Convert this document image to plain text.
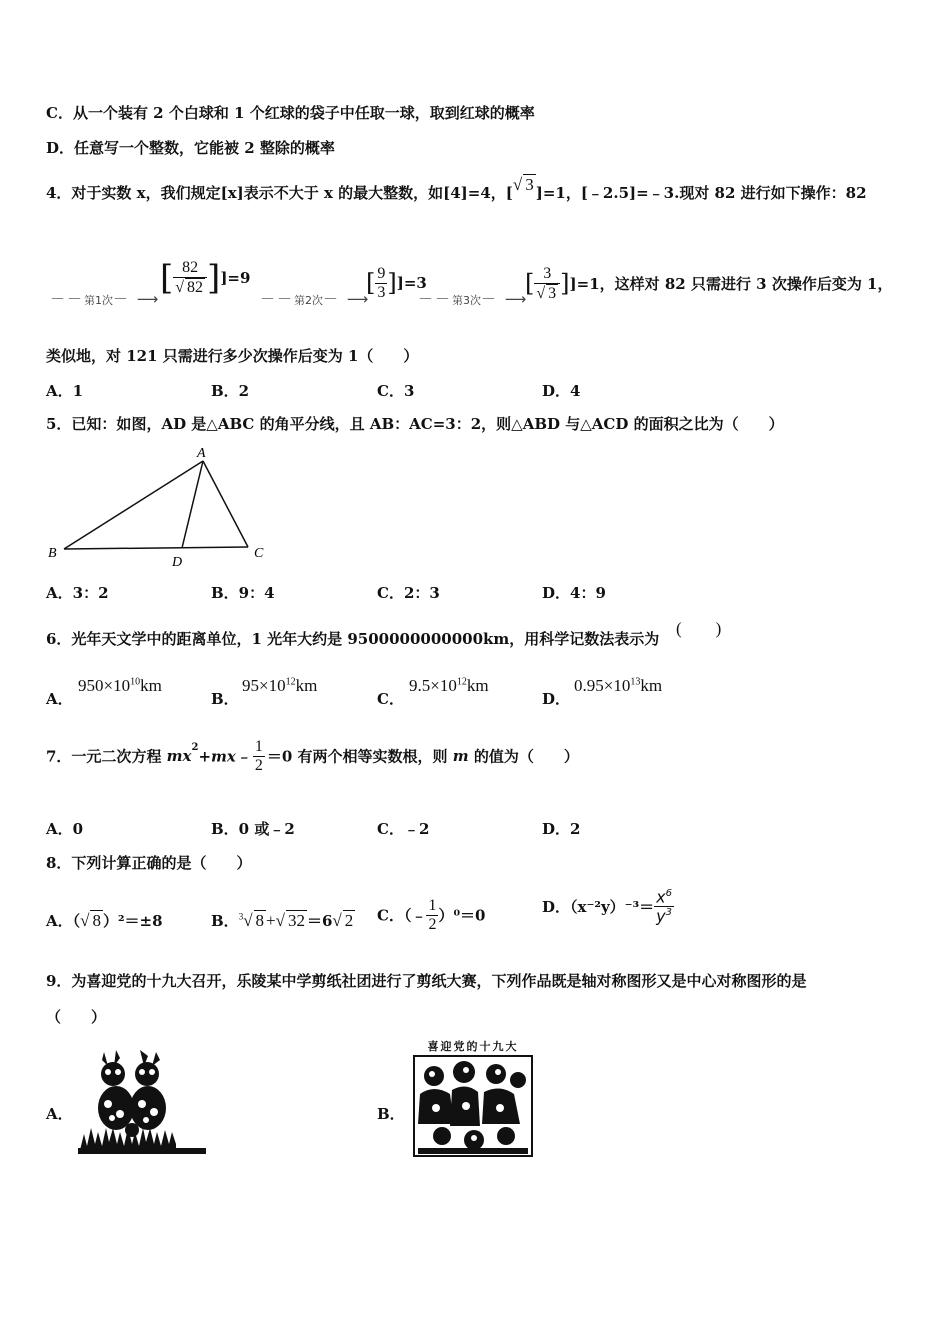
C．从一个装有 2 个白球和 1 个红球的袋子中任取一球，取到红球的概率
D．任意写一个整数，它能被 2 整除的概率
4．对于实数 x，我们规定[x]表示不大于 x 的最大整数，如[4]=4，[√ 3 ]=1，[﹣2.5]=﹣3.现对 82 进行如下操作：82
－－第1次－ ⟶
[ $\frac{82}{√ 82} ]]=9$
－－第2次－ ⟶
[ $\frac{9}{3} ]]=3$
－－第3次－ ⟶
[ $\frac{3}{√ 3} ]]=1$，这样对 82 只需进行 3 次操作后变为 1，
类似地，对 121 只需进行多少次操作后变为 1（　　）
A．1	B．2	C．3	D．4
5．已知：如图，AD 是△ABC 的角平分线，且 AB：AC=3：2，则△ABD 与△ACD 的面积之比为（　　）
A
B
D
C
A．3：2	B．9：4	C．2：3	D．4：9
6．光年天文学中的距离单位，1 光年大约是 9500000000000km，用科学记数法表示为
(　　)
A．
$950\times 10^{10}km$
B．
$95\times 10^{12}km$
C．
$9.5\times 10^{12}km$
D．
$0.95\times 10^{13}km$
7．一元二次方程 $mx^2+mx﹣ \frac{1}{2} =0$ 有两个相等实数根，则 m 的值为（　　）
A．0	B．0 或﹣2	C．﹣2	D．2
8．下列计算正确的是（　　）
A．（√ 8 ）²＝±8	B．$^3$√ 8 +√ 32 ＝6√ 2 C．（﹣ $\frac{1}{2} )^0=0$	D．$(x^{-2}y)^{-3}= \frac{x^6}{y^3}$
9．为喜迎党的十九大召开，乐陵某中学剪纸社团进行了剪纸大赛，下列作品既是轴对称图形又是中心对称图形的是
（　　）
A．	B．
喜迎党的十九大
